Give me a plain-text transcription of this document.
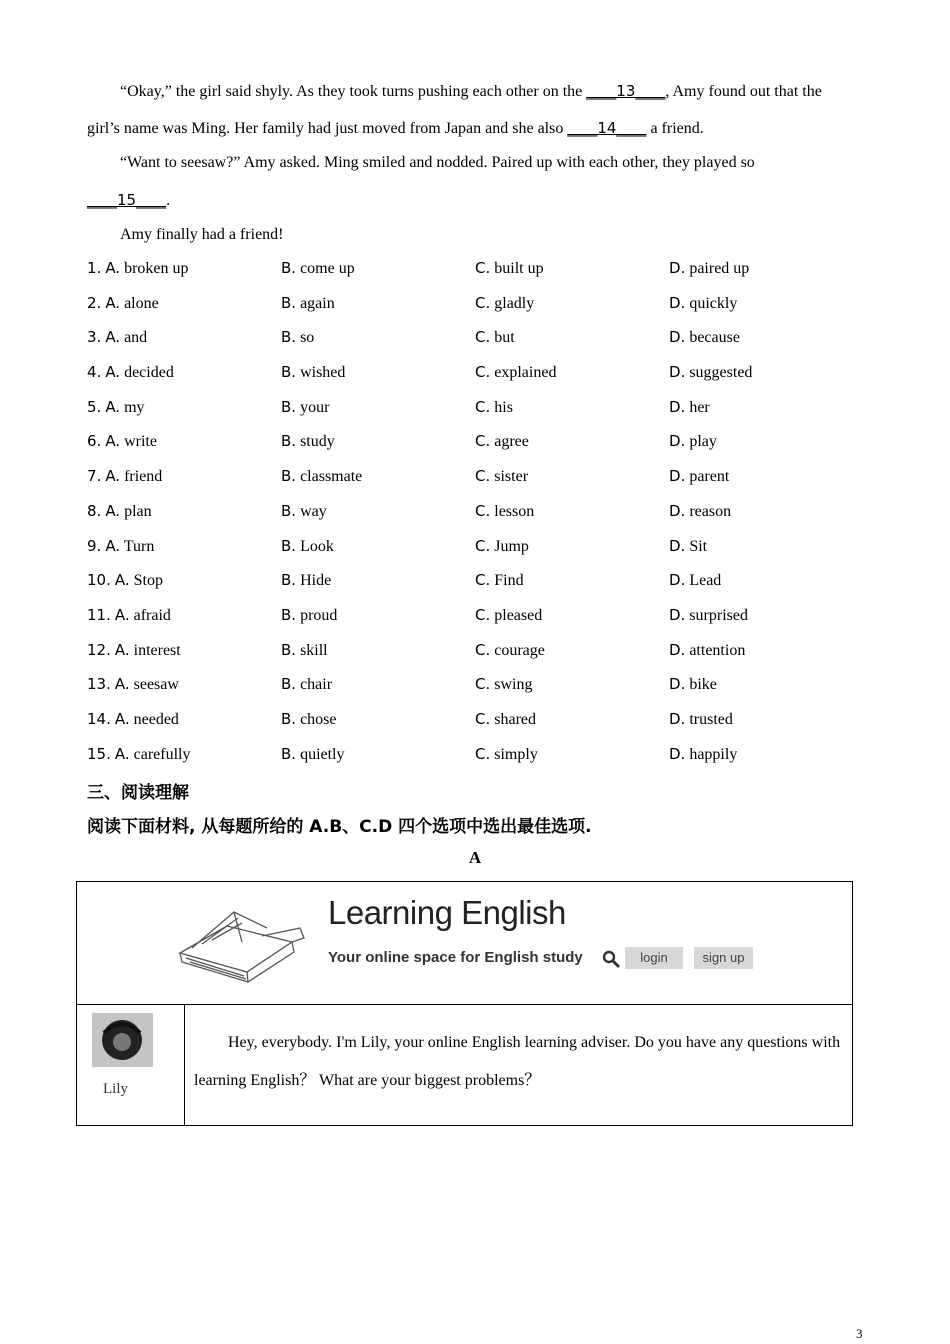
“Okay,” the girl said shyly. As they took turns pushing each other on the ____13____, Amy found out that the
girl’s name was Ming. Her family had just moved from Japan and she also ____14____ a friend.
“Want to seesaw?” Amy asked. Ming smiled and nodded. Paired up with each other, they played so
____15____.
Amy finally had a friend!
1. A. broken up	B. come up	C. built up	D. paired up
2. A. alone	B. again	C. gladly	D. quickly
3. A. and	B. so	C. but	D. because
4. A. decided	B. wished	C. explained	D. suggested
5. A. my	B. your	C. his	D. her
6. A. write	B. study	C. agree	D. play
7. A. friend	B. classmate	C. sister	D. parent
8. A. plan	B. way	C. lesson	D. reason
9. A. Turn	B. Look	C. Jump	D. Sit
10. A. Stop	B. Hide	C. Find	D. Lead
11. A. afraid	B. proud	C. pleased	D. surprised
12. A. interest	B. skill	C. courage	D. attention
13. A. seesaw	B. chair	C. swing	D. bike
14. A. needed	B. chose	C. shared	D. trusted
15. A. carefully	B. quietly	C. simply	D. happily
三、阅读理解
阅读下面材料, 从每题所给的 A.B、C.D 四个选项中选出最佳选项.
A
Learning English
Your online space for English study	login	sign up
Lily
Hey, everybody. I'm Lily, your online English learning adviser. Do you have any questions with learning English？ What are your biggest problems？
3
